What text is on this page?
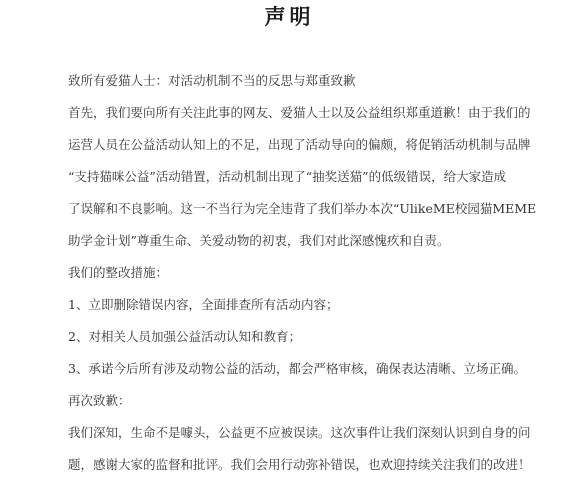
声明
致所有爱猫人士：对活动机制不当的反思与郑重致歉
首先，我们要向所有关注此事的网友、爱猫人士以及公益组织郑重道歉！由于我们的
运营人员在公益活动认知上的不足，出现了活动导向的偏颇，将促销活动机制与品牌
“支持猫咪公益”活动错置，活动机制出现了“抽奖送猫”的低级错误，给大家造成
了误解和不良影响。这一不当行为完全违背了我们举办本次“UlikeME校园猫MEME
助学金计划”尊重生命、关爱动物的初衷，我们对此深感愧疚和自责。
我们的整改措施：
1、立即删除错误内容，全面排查所有活动内容；
2、对相关人员加强公益活动认知和教育；
3、承诺今后所有涉及动物公益的活动，都会严格审核，确保表达清晰、立场正确。
再次致歉：
我们深知，生命不是噱头，公益更不应被误读。这次事件让我们深刻认识到自身的问
题，感谢大家的监督和批评。我们会用行动弥补错误，也欢迎持续关注我们的改进！
